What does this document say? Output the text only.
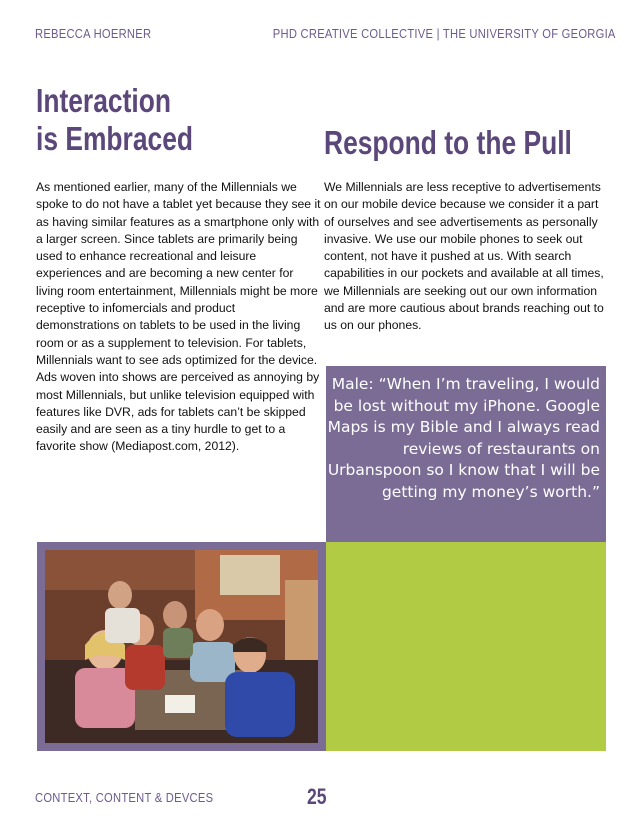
REBECCA HOERNER	PHD CREATIVE COLLECTIVE | THE UNIVERSITY OF GEORGIA
Interaction
is Embraced

As mentioned earlier, many of the Millennials we spoke to do not have a tablet yet because they see it as having similar features as a smartphone only with a larger screen. Since tablets are primarily being used to enhance recreational and leisure experiences and are becoming a new center for living room entertainment, Millennials might be more receptive to infomercials and product demonstrations on tablets to be used in the living room or as a supplement to television. For tablets, Millennials want to see ads optimized for the device. Ads woven into shows are perceived as annoying by most Millennials, but unlike television equipped with features like DVR, ads for tablets can’t be skipped easily and are seen as a tiny hurdle to get to a favorite show (Mediapost.com, 2012).

Respond to the Pull

We Millennials are less receptive to advertisements on our mobile device because we consider it a part of ourselves and see advertisements as personally invasive. We use our mobile phones to seek out content, not have it pushed at us. With search capabilities in our pockets and available at all times, we Millennials are seeking out our own information and are more cautious about brands reaching out to us on our phones.

Male: “When I’m traveling, I would be lost without my iPhone. Google Maps is my Bible and I always read reviews of restaurants on Urbanspoon so I know that I will be getting my money’s worth.”

CONTEXT, CONTENT & DEVCES	25
